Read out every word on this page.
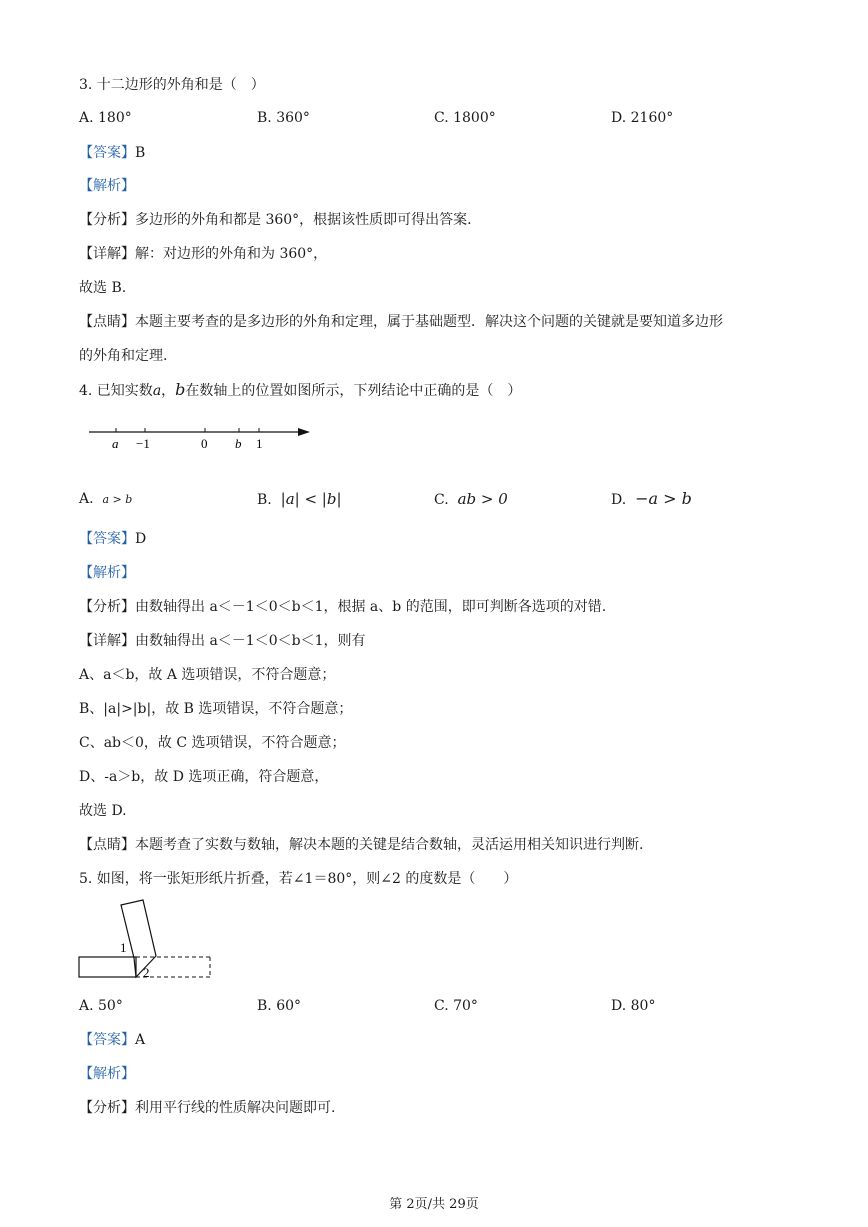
3. 十二边形的外角和是（　）
A. 180°	B. 360°	C. 1800°	D. 2160°
【答案】B
【解析】
【分析】多边形的外角和都是 360°，根据该性质即可得出答案.
【详解】解：对边形的外角和为 360°，
故选 B.
【点睛】本题主要考查的是多边形的外角和定理，属于基础题型．解决这个问题的关键就是要知道多边形
的外角和定理.
4. 已知实数a，b在数轴上的位置如图所示，下列结论中正确的是（　）
a −1	0 b 1
A. a > b	B. |a| < |b|	C. ab > 0	D. −a > b
【答案】D
【解析】
【分析】由数轴得出 a＜－1＜0＜b＜1，根据 a、b 的范围，即可判断各选项的对错.
【详解】由数轴得出 a＜－1＜0＜b＜1，则有
A、a＜b，故 A 选项错误，不符合题意；
B、|a|>|b|，故 B 选项错误，不符合题意；
C、ab＜0，故 C 选项错误，不符合题意；
D、-a＞b，故 D 选项正确，符合题意，
故选 D.
【点睛】本题考查了实数与数轴，解决本题的关键是结合数轴，灵活运用相关知识进行判断.
5. 如图，将一张矩形纸片折叠，若∠1＝80°，则∠2 的度数是（　　）
1
2
A. 50°	B. 60°	C. 70°	D. 80°
【答案】A
【解析】
【分析】利用平行线的性质解决问题即可.
第 2页/共 29页
